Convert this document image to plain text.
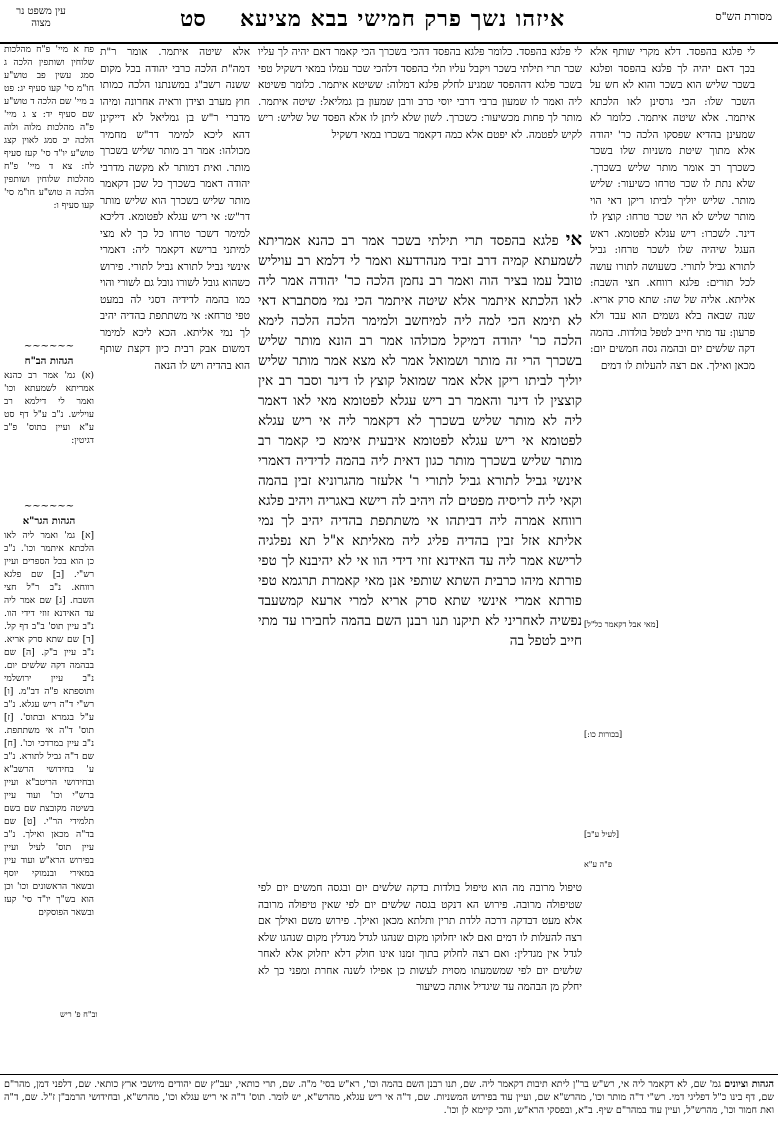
מסורת הש"ס
איזהו נשך פרק חמישי בבא מציעא
סט
עין משפט נר מצוה
לי פלגא בהפסד. כלומר פלגא בהפסד דהכי בשכרך הכי קאמר דאם יהיה לך עליו שכר תרי תילתי בשכר ויקבל עליו תלי בהפסד דלהכי שכר עמלו במאי דשקיל טפי בשכר פלגא דההפסד שמגיע לחלק פלגא דמלוה: ששיטא איתמר. כלומר פשיטא ליה ואמר לו שמעון ברבי דרבי יוסי כרב ורבן שמעון בן גמליאל: שיטה איתמר. מותר לך פחות מכשיעור: כשכרך. לשון שלא ליתן לו אלא הפסד של שליש: ריש לקיש לפטמה. לא יפטם אלא כמה דקאמר בשכרו במאי דשקיל
אי פלגא בהפסד תרי תילתי בשכר אמר רב כהנא אמריתא לשמעתא קמיה דרב זביד מנהרדעא ואמר לי דלמא רב עויליש טובל עמו בציר הוה ואמר רב נחמן הלכה כר' יהודה אמר ליה לאו הלכתא איתמר אלא שיטה איתמר הכי נמי מסתברא דאי לא תימא הכי למה ליה למיחשב ולמימר הלכה הלכה לימא הלכה כר' יהודה דמיקל מכולהו אמר רב הונא מותר שליש בשכרך הרי זה מותר ושמואל אמר לא מצא אמר מותר שליש יוליך לביתו ריקן אלא אמר שמואל קוצץ לו דינר וסבר רב אין קוצצין לו דינר והאמר רב ריש עגלא לפטומא מאי לאו דאמר ליה לא מותר שליש בשכרך לא דקאמר ליה אי ריש עגלא לפטומא אי ריש עגלא לפטומא איבעית אימא כי קאמר רב מותר שליש בשכרך מותר כגון דאית ליה בהמה לדידיה דאמרי אינשי גביל לתורא גביל לתורי ר' אלעזר מהגרוניא זבין בהמה וקאי ליה לריסיה מפטים לה ויהיב לה רישא באגריה ויהיב פלגא רווחא אמרה ליה דביתהו אי משתתפת בהדיה יהיב לך נמי אליתא אזל זבין בהדיה פליג ליה מאליתא א"ל תא נפלגיה לרישא אמר ליה עד האידנא זוזי דידי הוו אי לא יהיבנא לך טפי פורתא מיהו כרבית השתא שותפי אנן מאי קאמרת תרגמא טפי פורתא אמרי אינשי שתא סרק אריא למרי ארעא קמשעבד נפשיה לאחריני לא תיקנו תנו רבנן השם בהמה לחבירו עד מתי חייב לטפל בה
לי פלגא בהפסד. דלא מקרי שותף אלא בכך דאם יהיה לך פלגא בהפסד ופלגא בשכר שליש הוא בשכר והוא לא חש על השכר שלו: הכי גרסינן לאו הלכתא איתמר. אלא שיטה איתמר. כלומר לא שמעינן בהדיא שפסקו הלכה כר' יהודה אלא מתוך שיטת משניות שלו בשכר כשכרך רב אומר מותר שליש בשכרך. שלא נתת לו שכר טרחו כשיעור: שליש מותר. שליש יוליך לביתו ריקן דאי הוי מותר שליש לא הוי שכר טרחו: קוצץ לו דינר. לשכרו: ריש עגלא לפטומא. ראש העגל שיהיה שלו לשכר טרחו: גביל לתורא גביל לתורי. כשעושה לתורו עושה לכל תורים: פלגא רווחא. חצי השבח: אליתא. אליה של שה: שתא סרק אריא. שנה שבאה בלא גשמים הוא עבד ולא פרעון: עד מתי חייב לטפל בולדות. בהמה דקה שלשים יום ובהמה גסה חמשים יום: מכאן ואילך. אם רצה להעלות לו דמים
אלא שיטה איתמר. אומר ר"ת דמה"ת הלכה כרבי יהודה בכל מקום ששנה רשב"ג במשנתנו הלכה כמותו חוץ מערב וצידן וראיה אחרונה ומיהו מדברי ר"ש בן גמליאל לא דייקינן דהא ליכא למימר דר"ש מחמיר מכולהו: אמר רב מותר שליש בשכרך מותר. ואית דמותר לא מקשה מדרבי יהודה דאמר בשכרך כל שכן דקאמר מותר שליש בשכרך הוא שליש מותר דר"ש: אי ריש עגלא לפטומא. דליכא למימר דשכר טרחו כל כך לא מצי למיתני ברישא דקאמר ליה: דאמרי אינשי גביל לתורא גביל לתורי. פירוש כשהוא גובל לשורו גובל גם לשורי והוי כמו בהמה לדידיה דסגי לה במעט טפי טרחא: אי משתתפת בהדיה יהיב לך נמי אליתא. הכא ליכא למימר דמשום אבק רבית כיון דקצת שותף הוא בהדיה ויש לו הנאה
טיפול מרובה מה הוא טיפול בולדות בדקה שלשים יום ובגסה חמשים יום לפי שטיפולה מרובה. פירוש הא דנקט בגסה שלשים יום לפי שאין טיפולה מרובה אלא מעט דבדקה דרכה ללדת תרין ותלתא מכאן ואילך. פירוש משם ואילך אם רצה להעלות לו דמים ואם לאו יחלוקו מקום שנהגו לגדל מגדלין מקום שנהגו שלא לגדל אין מגדלין: ואם רצה לחלוק בתוך זמנו אינו חולק דלא יחלוק אלא לאחר שלשים יום לפי שמשמעתו מסוית לעשות כן אפילו לשנה אחרת ומפני כך לא יחלק מן הבהמה עד שיגדיל אותה כשיעור
פח א מיי' פ"ח מהלכות שלוחין ושותפין הלכה ג סמג עשין פב טוש"ע חו"מ סי' קעו סעיף יג: פט ב מיי' שם הלכה ד טוש"ע שם סעיף יד: צ ג מיי' פ"ה מהלכות מלוה ולוה הלכה יב סמג לאוין קצג טוש"ע יו"ד סי' קעז סעיף לח: צא ד מיי' פ"ח מהלכות שלוחין ושותפין הלכה ה טוש"ע חו"מ סי' קעו סעיף ו:
~~~~~~
הגהות הב"ח
(א) גמ' אמר רב כהנא אמריתא לשמעתא וכו' ואמר לי דילמא רב עויליש. נ"ב ע"ל דף סט ע"א ועיין בתוס' פ"ב דגיטין:
~~~~~~
הגהות הגר"א
[א] גמ' ואמר ליה לאו הלכתא איתמר וכו'. נ"ב כן הוא בכל הספרים ועיין רש"י. [ב] שם פלגא רווחא. נ"ב ר"ל חצי השבח. [ג] שם אמר ליה עד האידנא זוזי דידי הוו. נ"ב עיין תוס' ב"ב דף קל. [ד] שם שתא סרק אריא. נ"ב עיין ב"ק. [ה] שם בבהמה דקה שלשים יום. נ"ב עיין ירושלמי ותוספתא פ"ה דב"מ. [ו] רש"י ד"ה ריש עגלא. נ"ב ע"ל בגמרא ובתוס'. [ז] תוס' ד"ה אי משתתפת. נ"ב עיין במרדכי וכו'. [ח] שם ד"ה גביל לתורא. נ"ב ע' בחידושי הרשב"א ובחידושי הריטב"א ועיין ברש"י וכו' ועוד עיין בשיטה מקובצת שם בשם תלמידי הר"י. [ט] שם בד"ה מכאן ואילך. נ"ב עיין תוס' לעיל ועיין בפירוש הרא"ש ועוד עיין במאירי ובנמוקי יוסף ובשאר הראשונים וכו' וכן הוא בש"ך יו"ד סי' קעז ובשאר הפוסקים
[מאי אבל דקאמר כל"ל]
[בכורות כו:]
[לעיל ע"ב]
פ"ה ע"א
וב"ח פ' ריש
הגהות וציונים גמ' שם, לא דקאמר ליה אי, רש"ש בר"ן ליתא תיבות דקאמר ליה. שם, תנו רבנן השם בהמה וכו', רא"ש בסי' מ"ה. שם, תרי כותאי, יעב"ץ שם יהודים מיושבי ארץ כותאי. שם, דלפני דמן, מהר"ם שם, דף בינו כ"ל דפליגי דמי. רש"י ד"ה מותר וכו', מהרש"א שם, ועיין עוד בפירוש המשניות. שם, ד"ה אי ריש עגלא, מהרש"א, יש לומר. תוס' ד"ה אי ריש עגלא וכו', מהרש"א, ובחידושי הרמב"ן ז"ל. שם, ד"ה ואת חמור וכו', מהרש"ל, ועיין עוד במהר"ם שיף. ב"א, ובפסקי הרא"ש, והכי קיימא לן וכו'.
